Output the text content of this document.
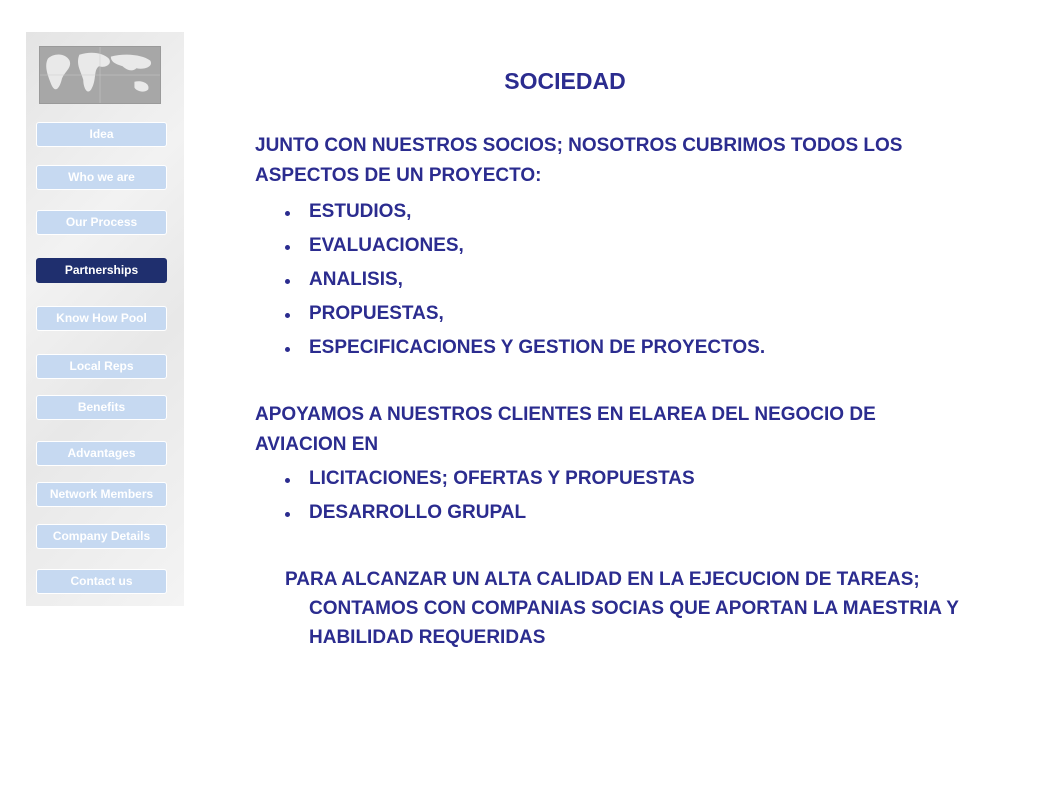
Idea
Who we are
Our Process
Partnerships
Know How Pool
Local Reps
Benefits
Advantages
Network Members
Company Details
Contact us
SOCIEDAD
JUNTO CON NUESTROS SOCIOS; NOSOTROS CUBRIMOS TODOS LOS ASPECTOS DE UN PROYECTO:
ESTUDIOS,
EVALUACIONES,
ANALISIS,
PROPUESTAS,
ESPECIFICACIONES Y GESTION DE PROYECTOS.
APOYAMOS A NUESTROS CLIENTES EN ELAREA DEL NEGOCIO DE AVIACION EN
LICITACIONES; OFERTAS Y PROPUESTAS
DESARROLLO GRUPAL
PARA ALCANZAR UN ALTA CALIDAD EN LA EJECUCION DE TAREAS; CONTAMOS CON COMPANIAS SOCIAS QUE APORTAN LA MAESTRIA Y HABILIDAD REQUERIDAS
